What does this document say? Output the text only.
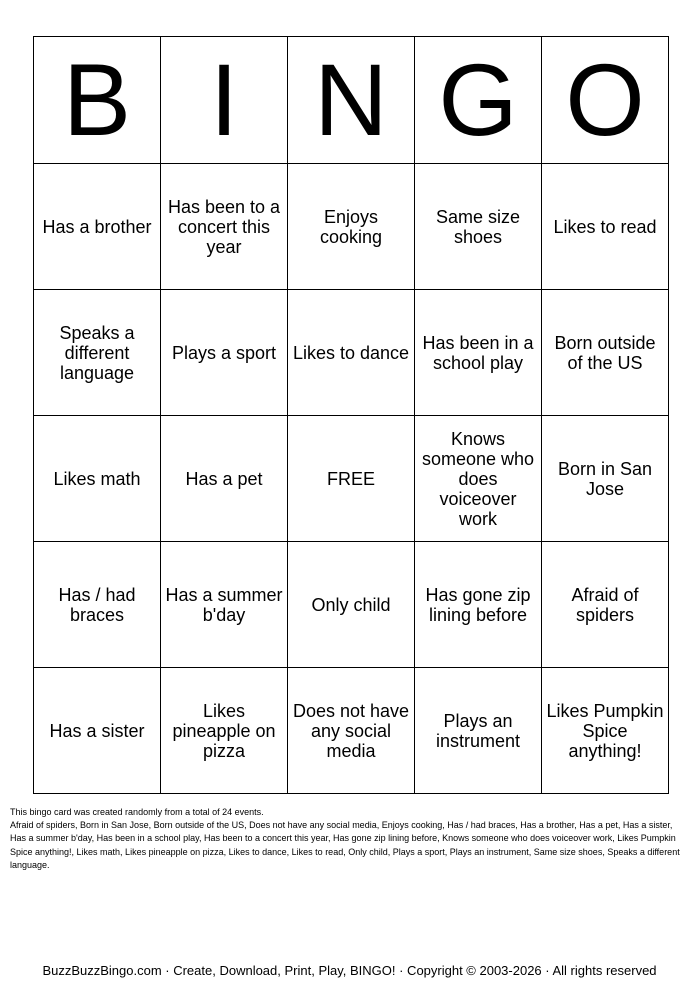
B	I	N	G	O
Has a brother	Has been to a concert this year	Enjoys cooking	Same size shoes	Likes to read
Speaks a different language	Plays a sport	Likes to dance	Has been in a school play	Born outside of the US
Likes math	Has a pet	FREE	Knows someone who does voiceover work	Born in San Jose
Has / had braces	Has a summer b'day	Only child	Has gone zip lining before	Afraid of spiders
Has a sister	Likes pineapple on pizza	Does not have any social media	Plays an instrument	Likes Pumpkin Spice anything!

This bingo card was created randomly from a total of 24 events.

Afraid of spiders, Born in San Jose, Born outside of the US, Does not have any social media, Enjoys cooking, Has / had braces, Has a brother, Has a pet, Has a sister, Has a summer b'day, Has been in a school play, Has been to a concert this year, Has gone zip lining before, Knows someone who does voiceover work, Likes Pumpkin Spice anything!, Likes math, Likes pineapple on pizza, Likes to dance, Likes to read, Only child, Plays a sport, Plays an instrument, Same size shoes, Speaks a different language.

BuzzBuzzBingo.com · Create, Download, Print, Play, BINGO! · Copyright © 2003-2026 · All rights reserved
